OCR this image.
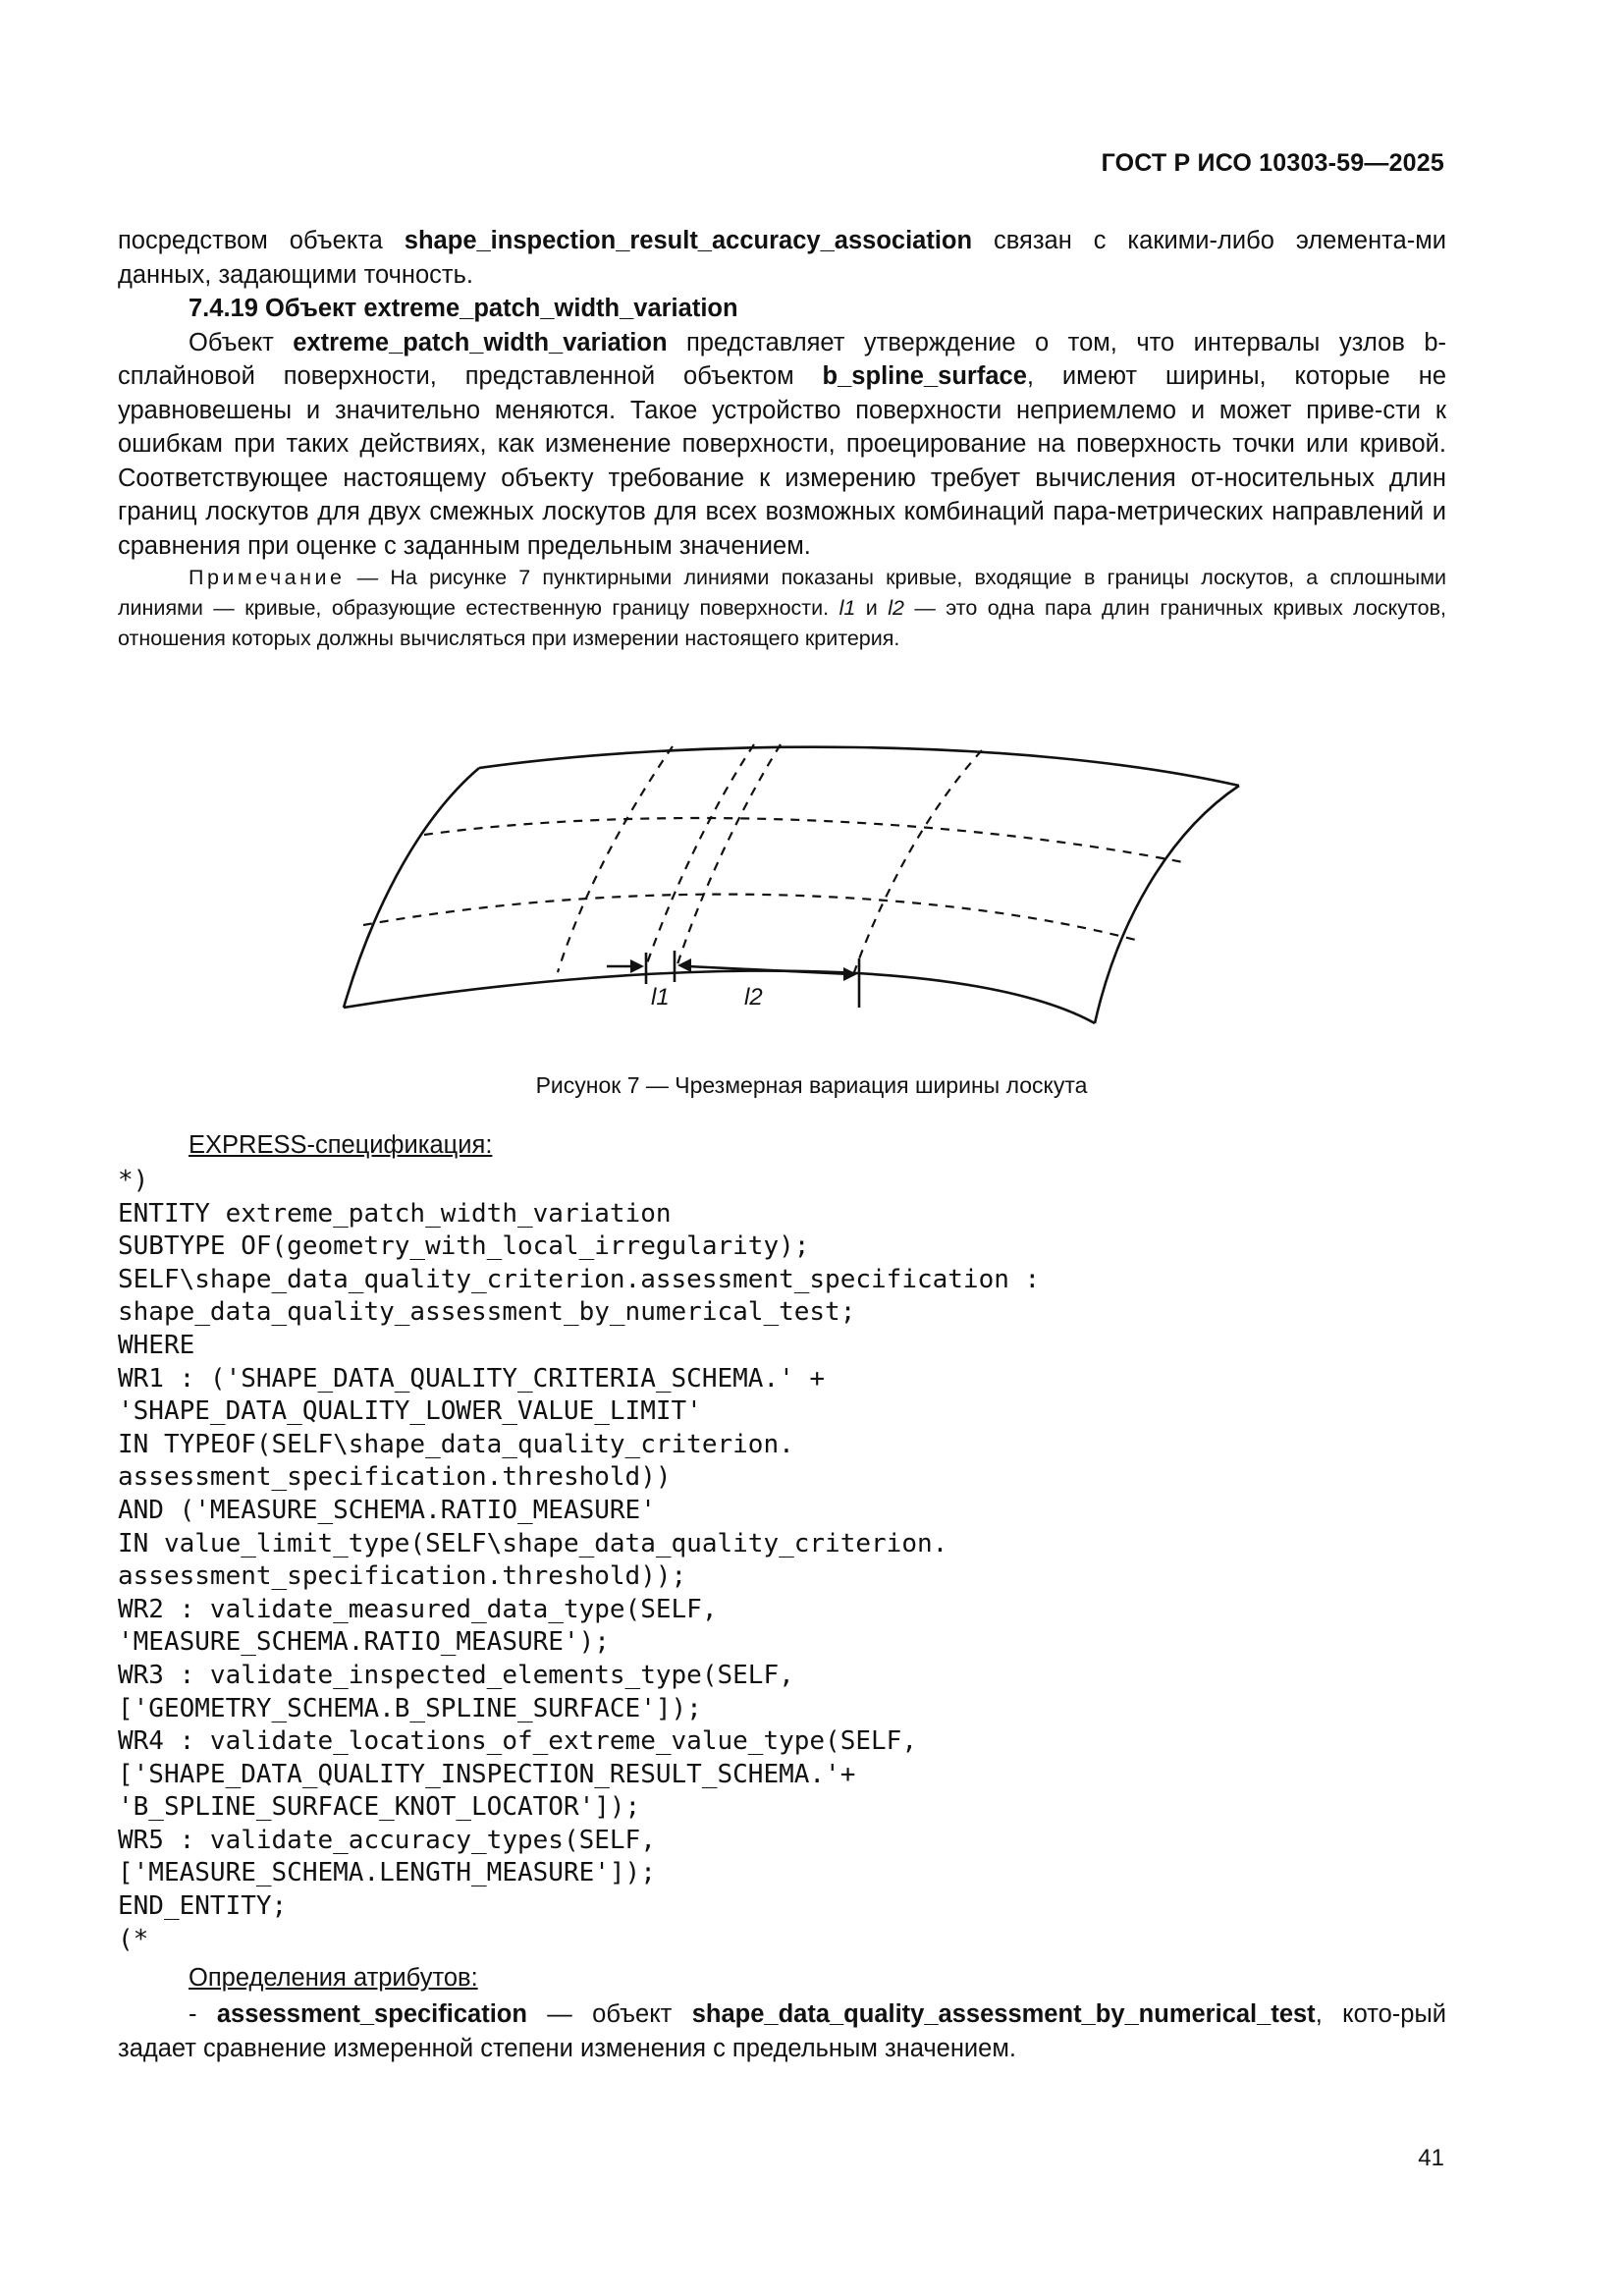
ГОСТ Р ИСО 10303-59—2025

посредством объекта shape_inspection_result_accuracy_association связан с какими-либо элемента-ми данных, задающими точность.

7.4.19 Объект extreme_patch_width_variation

Объект extreme_patch_width_variation представляет утверждение о том, что интервалы узлов b-сплайновой поверхности, представленной объектом b_spline_surface, имеют ширины, которые не уравновешены и значительно меняются. Такое устройство поверхности неприемлемо и может приве-сти к ошибкам при таких действиях, как изменение поверхности, проецирование на поверхность точки или кривой. Соответствующее настоящему объекту требование к измерению требует вычисления от-носительных длин границ лоскутов для двух смежных лоскутов для всех возможных комбинаций пара-метрических направлений и сравнения при оценке с заданным предельным значением.

Примечание — На рисунке 7 пунктирными линиями показаны кривые, входящие в границы лоскутов, а сплошными линиями — кривые, образующие естественную границу поверхности. l1 и l2 — это одна пара длин граничных кривых лоскутов, отношения которых должны вычисляться при измерении настоящего критерия.

l1	l2
Рисунок 7 — Чрезмерная вариация ширины лоскута
EXPRESS-спецификация:
*)
ENTITY extreme_patch_width_variation
SUBTYPE OF(geometry_with_local_irregularity);
SELF\shape_data_quality_criterion.assessment_specification :
shape_data_quality_assessment_by_numerical_test;
WHERE
WR1 : ('SHAPE_DATA_QUALITY_CRITERIA_SCHEMA.' +
'SHAPE_DATA_QUALITY_LOWER_VALUE_LIMIT'
IN TYPEOF(SELF\shape_data_quality_criterion.
assessment_specification.threshold))
AND ('MEASURE_SCHEMA.RATIO_MEASURE'
IN value_limit_type(SELF\shape_data_quality_criterion.
assessment_specification.threshold));
WR2 : validate_measured_data_type(SELF,
'MEASURE_SCHEMA.RATIO_MEASURE');
WR3 : validate_inspected_elements_type(SELF,
['GEOMETRY_SCHEMA.B_SPLINE_SURFACE']);
WR4 : validate_locations_of_extreme_value_type(SELF,
['SHAPE_DATA_QUALITY_INSPECTION_RESULT_SCHEMA.'+
'B_SPLINE_SURFACE_KNOT_LOCATOR']);
WR5 : validate_accuracy_types(SELF,
['MEASURE_SCHEMA.LENGTH_MEASURE']);
END_ENTITY;
(*
Определения атрибутов:

- assessment_specification — объект shape_data_quality_assessment_by_numerical_test, кото-рый задает сравнение измеренной степени изменения с предельным значением.

41
